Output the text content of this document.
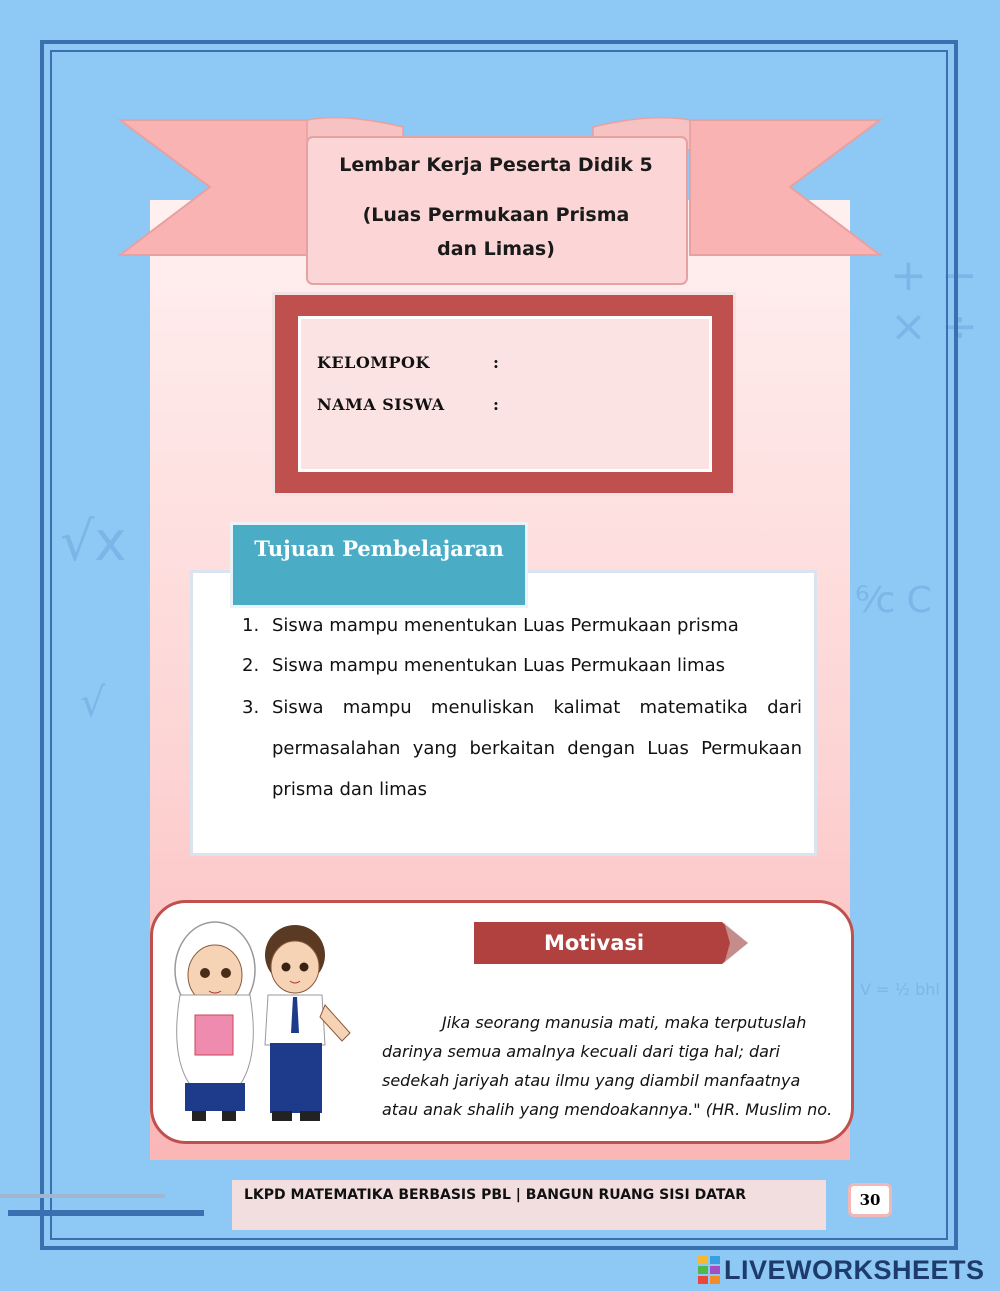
+ −
× ÷
√x
⁶⁄c C
√
V = ½ bhl
Lembar Kerja Peserta Didik 5
(Luas Permukaan Prisma dan Limas)
KELOMPOK	:
NAMA SISWA	:
Tujuan Pembelajaran
1. Siswa mampu menentukan Luas Permukaan prisma
2. Siswa mampu menentukan Luas Permukaan limas
3. Siswa mampu menuliskan kalimat matematika dari
permasalahan yang berkaitan dengan Luas Permukaan
prisma dan limas
Motivasi
Jika seorang manusia mati, maka terputuslah
darinya semua amalnya kecuali dari tiga hal; dari
sedekah jariyah atau ilmu yang diambil manfaatnya
atau anak shalih yang mendoakannya." (HR. Muslim no.
LKPD MATEMATIKA BERBASIS PBL | BANGUN RUANG SISI DATAR	30
LIVEWORKSHEETS
